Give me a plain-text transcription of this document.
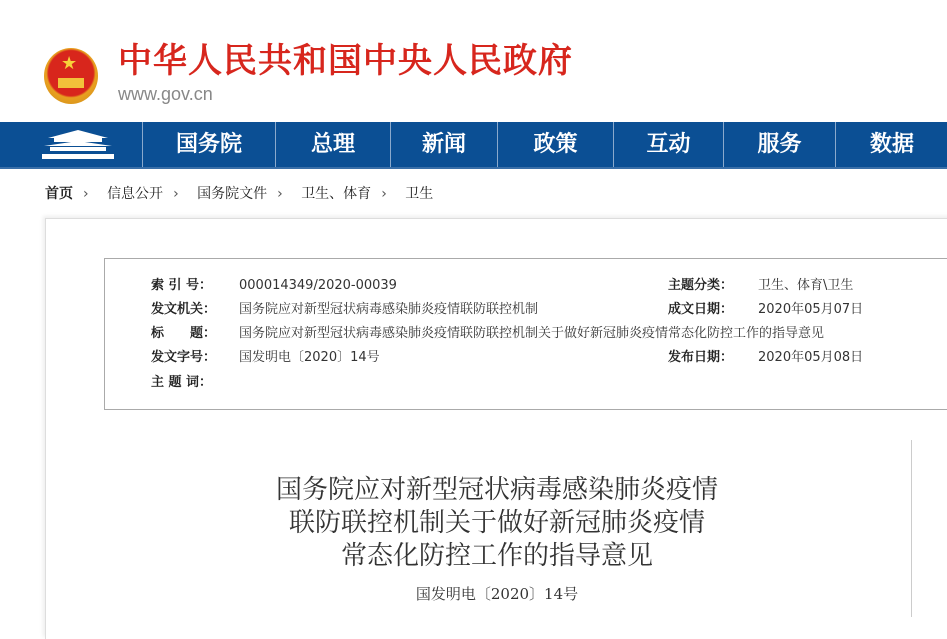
★ 中华人民共和国中央人民政府
www.gov.cn
国务院	总理	新闻	政策	互动	服务	数据
首页 › 信息公开 › 国务院文件 › 卫生、体育 › 卫生
索 引 号： 000014349/2020-00039	主题分类： 卫生、体育\卫生
发文机关： 国务院应对新型冠状病毒感染肺炎疫情联防联控机制	成文日期： 2020年05月07日
标　　题： 国务院应对新型冠状病毒感染肺炎疫情联防联控机制关于做好新冠肺炎疫情常态化防控工作的指导意见
发文字号： 国发明电〔2020〕14号	发布日期： 2020年05月08日
主 题 词：
国务院应对新型冠状病毒感染肺炎疫情
联防联控机制关于做好新冠肺炎疫情
常态化防控工作的指导意见
国发明电〔2020〕14号
